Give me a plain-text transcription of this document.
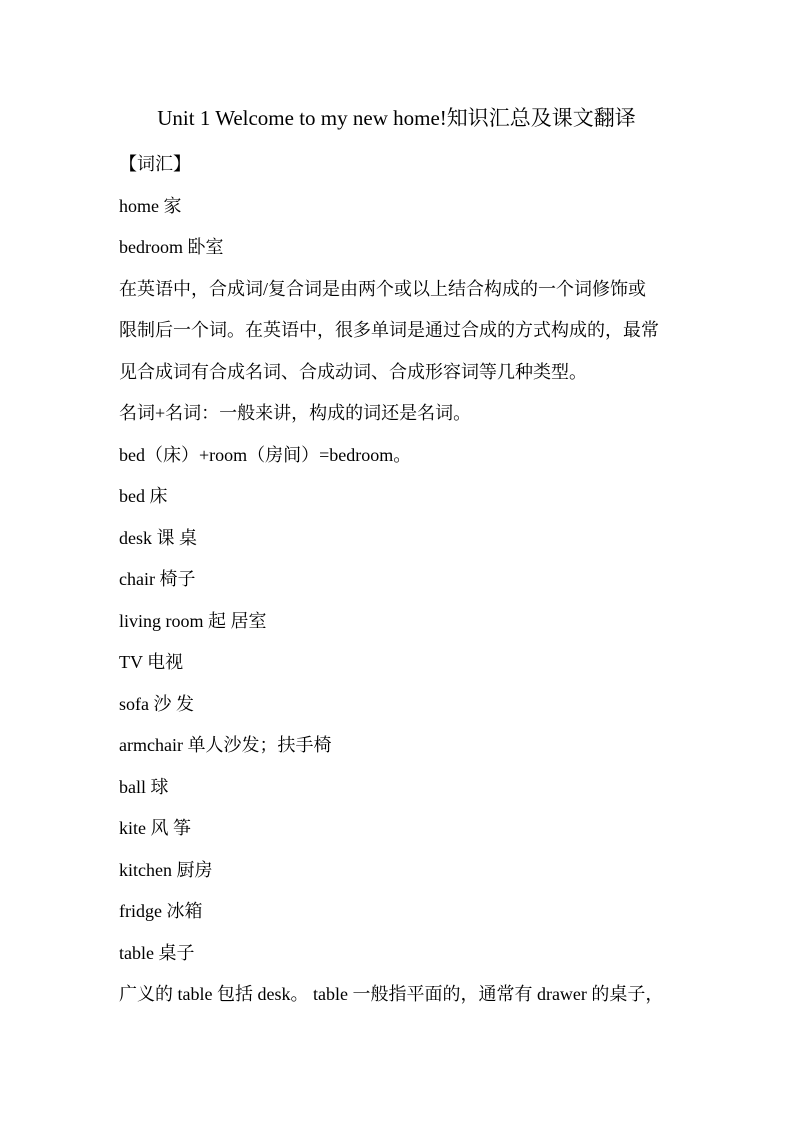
Unit 1 Welcome to my new home!知识汇总及课文翻译
【词汇】
home 家
bedroom 卧室
在英语中，合成词/复合词是由两个或以上结合构成的一个词修饰或
限制后一个词。在英语中，很多单词是通过合成的方式构成的，最常
见合成词有合成名词、合成动词、合成形容词等几种类型。
名词+名词：一般来讲，构成的词还是名词。
bed（床）+room（房间）=bedroom。
bed 床
desk 课 桌
chair 椅子
living room 起 居室
TV 电视
sofa 沙 发
armchair 单人沙发；扶手椅
ball 球
kite 风 筝
kitchen 厨房
fridge 冰箱
table 桌子
广义的 table 包括 desk。 table 一般指平面的，通常有 drawer 的桌子，
